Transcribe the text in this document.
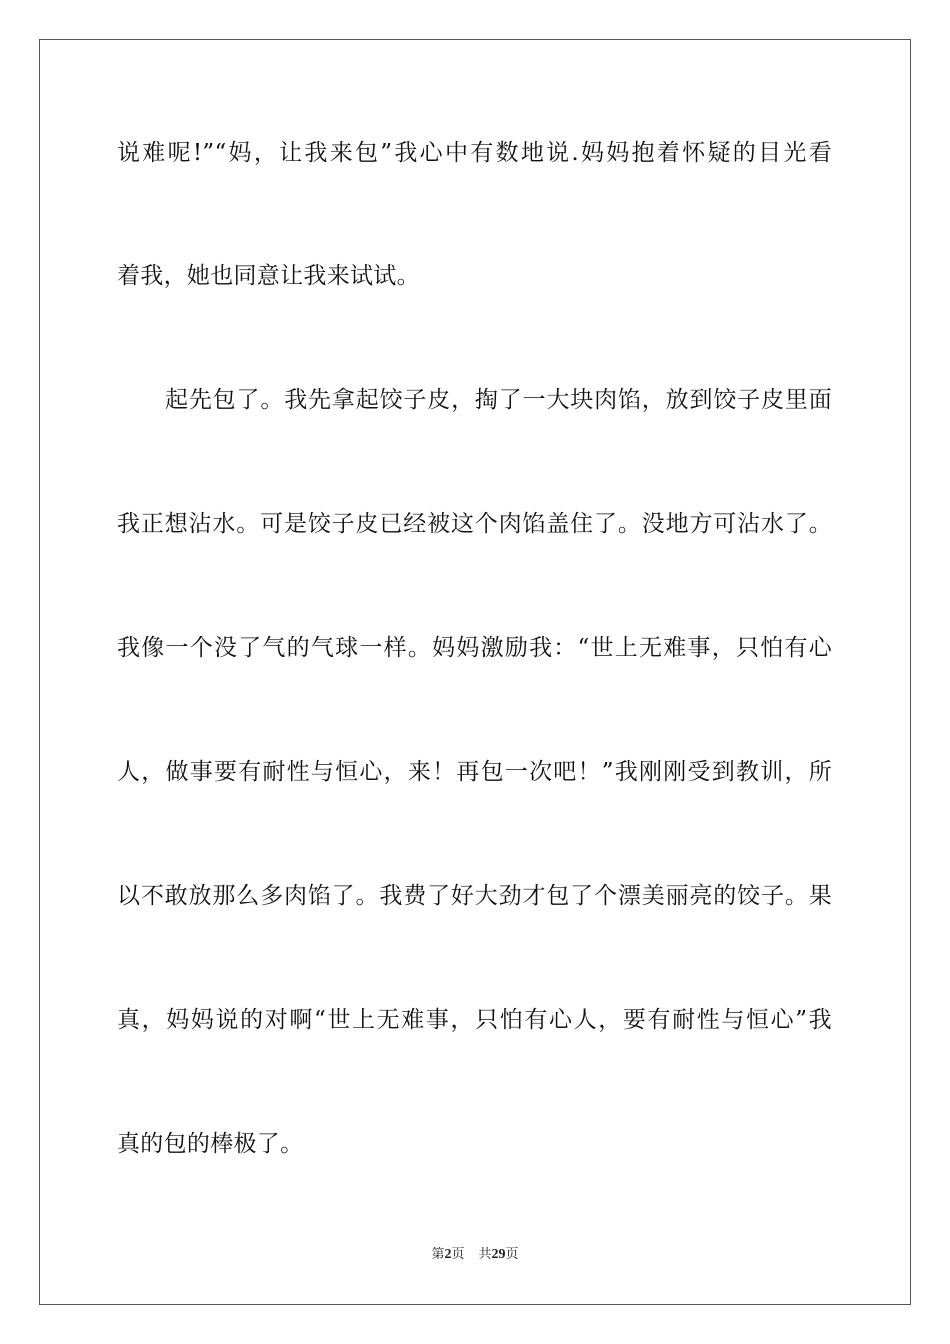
说难呢!”“妈，让我来包”我心中有数地说.妈妈抱着怀疑的目光看
着我，她也同意让我来试试。
起先包了。我先拿起饺子皮，掏了一大块肉馅，放到饺子皮里面
我正想沾水。可是饺子皮已经被这个肉馅盖住了。没地方可沾水了。
我像一个没了气的气球一样。妈妈激励我：“世上无难事，只怕有心
人，做事要有耐性与恒心，来！再包一次吧！”我刚刚受到教训，所
以不敢放那么多肉馅了。我费了好大劲才包了个漂美丽亮的饺子。果
真，妈妈说的对啊“世上无难事，只怕有心人，要有耐性与恒心”我
真的包的棒极了。
第2页 共29页
